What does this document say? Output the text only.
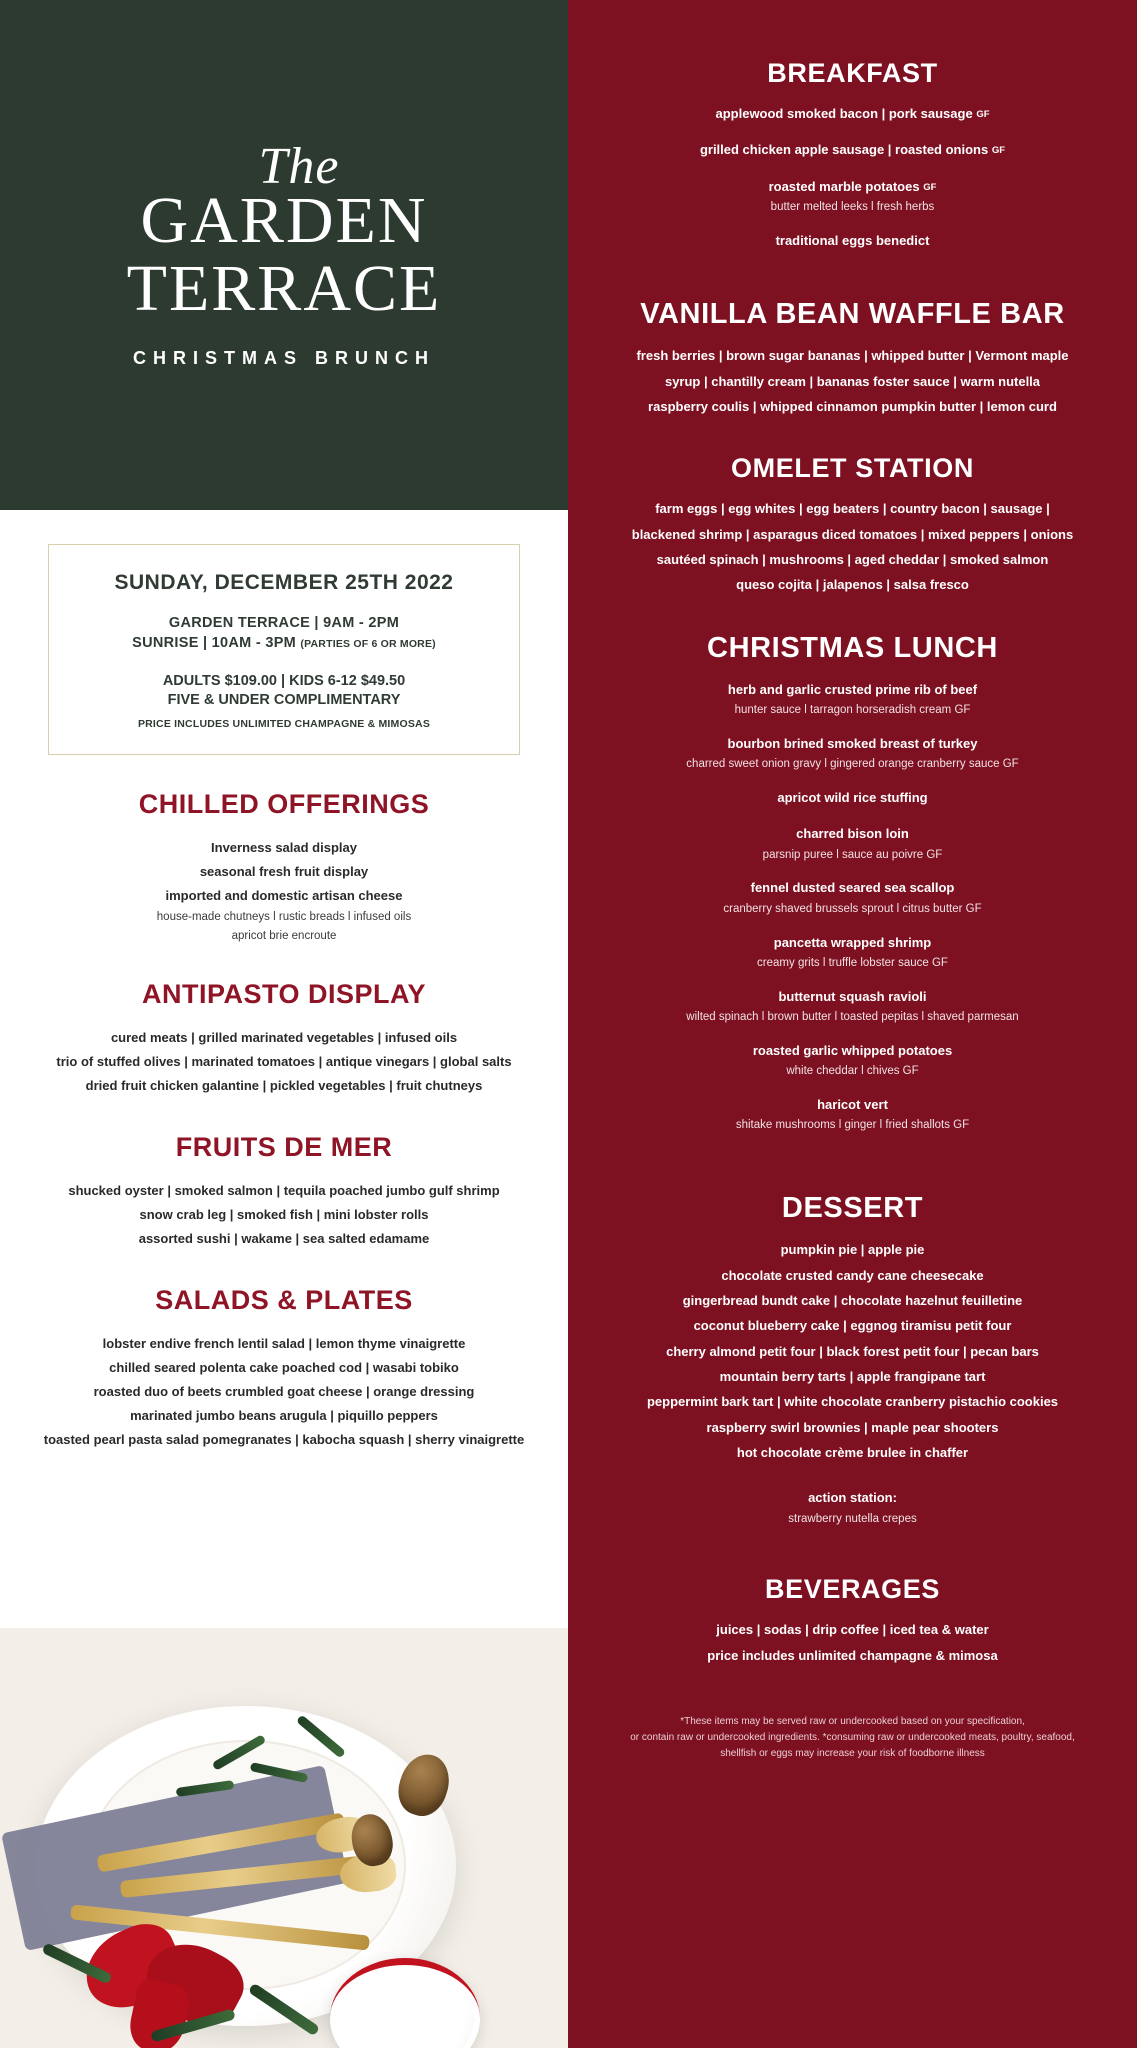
The
GARDEN
TERRACE
CHRISTMAS BRUNCH
SUNDAY, DECEMBER 25TH 2022
GARDEN TERRACE | 9AM - 2PM
SUNRISE | 10AM - 3PM (PARTIES OF 6 OR MORE)
ADULTS $109.00 | KIDS 6-12 $49.50
FIVE & UNDER COMPLIMENTARY
PRICE INCLUDES UNLIMITED CHAMPAGNE & MIMOSAS
CHILLED OFFERINGS
Inverness salad display
seasonal fresh fruit display
imported and domestic artisan cheese
house-made chutneys l rustic breads l infused oils
apricot brie encroute
ANTIPASTO DISPLAY
cured meats | grilled marinated vegetables | infused oils
trio of stuffed olives | marinated tomatoes | antique vinegars | global salts
dried fruit chicken galantine | pickled vegetables | fruit chutneys
FRUITS DE MER
shucked oyster | smoked salmon | tequila poached jumbo gulf shrimp
snow crab leg | smoked fish | mini lobster rolls
assorted sushi | wakame | sea salted edamame
SALADS & PLATES
lobster endive french lentil salad | lemon thyme vinaigrette
chilled seared polenta cake poached cod | wasabi tobiko
roasted duo of beets crumbled goat cheese | orange dressing
marinated jumbo beans arugula | piquillo peppers
toasted pearl pasta salad pomegranates | kabocha squash | sherry vinaigrette
BREAKFAST
applewood smoked bacon | pork sausage GF
grilled chicken apple sausage | roasted onions GF
roasted marble potatoes GF
butter melted leeks l fresh herbs
traditional eggs benedict
VANILLA BEAN WAFFLE BAR
fresh berries | brown sugar bananas | whipped butter | Vermont maple
syrup | chantilly cream | bananas foster sauce | warm nutella
raspberry coulis | whipped cinnamon pumpkin butter | lemon curd
OMELET STATION
farm eggs | egg whites | egg beaters | country bacon | sausage |
blackened shrimp | asparagus diced tomatoes | mixed peppers | onions
sautéed spinach | mushrooms | aged cheddar | smoked salmon
queso cojita | jalapenos | salsa fresco
CHRISTMAS LUNCH
herb and garlic crusted prime rib of beef
hunter sauce l tarragon horseradish cream GF
bourbon brined smoked breast of turkey
charred sweet onion gravy l gingered orange cranberry sauce GF
apricot wild rice stuffing
charred bison loin
parsnip puree l sauce au poivre GF
fennel dusted seared sea scallop
cranberry shaved brussels sprout l citrus butter GF
pancetta wrapped shrimp
creamy grits l truffle lobster sauce GF
butternut squash ravioli
wilted spinach l brown butter l toasted pepitas l shaved parmesan
roasted garlic whipped potatoes
white cheddar l chives GF
haricot vert
shitake mushrooms l ginger l fried shallots GF
DESSERT
pumpkin pie | apple pie
chocolate crusted candy cane cheesecake
gingerbread bundt cake | chocolate hazelnut feuilletine
coconut blueberry cake | eggnog tiramisu petit four
cherry almond petit four | black forest petit four | pecan bars
mountain berry tarts | apple frangipane tart
peppermint bark tart | white chocolate cranberry pistachio cookies
raspberry swirl brownies | maple pear shooters
hot chocolate crème brulee in chaffer
action station:
strawberry nutella crepes
BEVERAGES
juices | sodas | drip coffee | iced tea & water
price includes unlimited champagne & mimosa
*These items may be served raw or undercooked based on your specification,
or contain raw or undercooked ingredients. *consuming raw or undercooked meats, poultry, seafood,
shellfish or eggs may increase your risk of foodborne illness
